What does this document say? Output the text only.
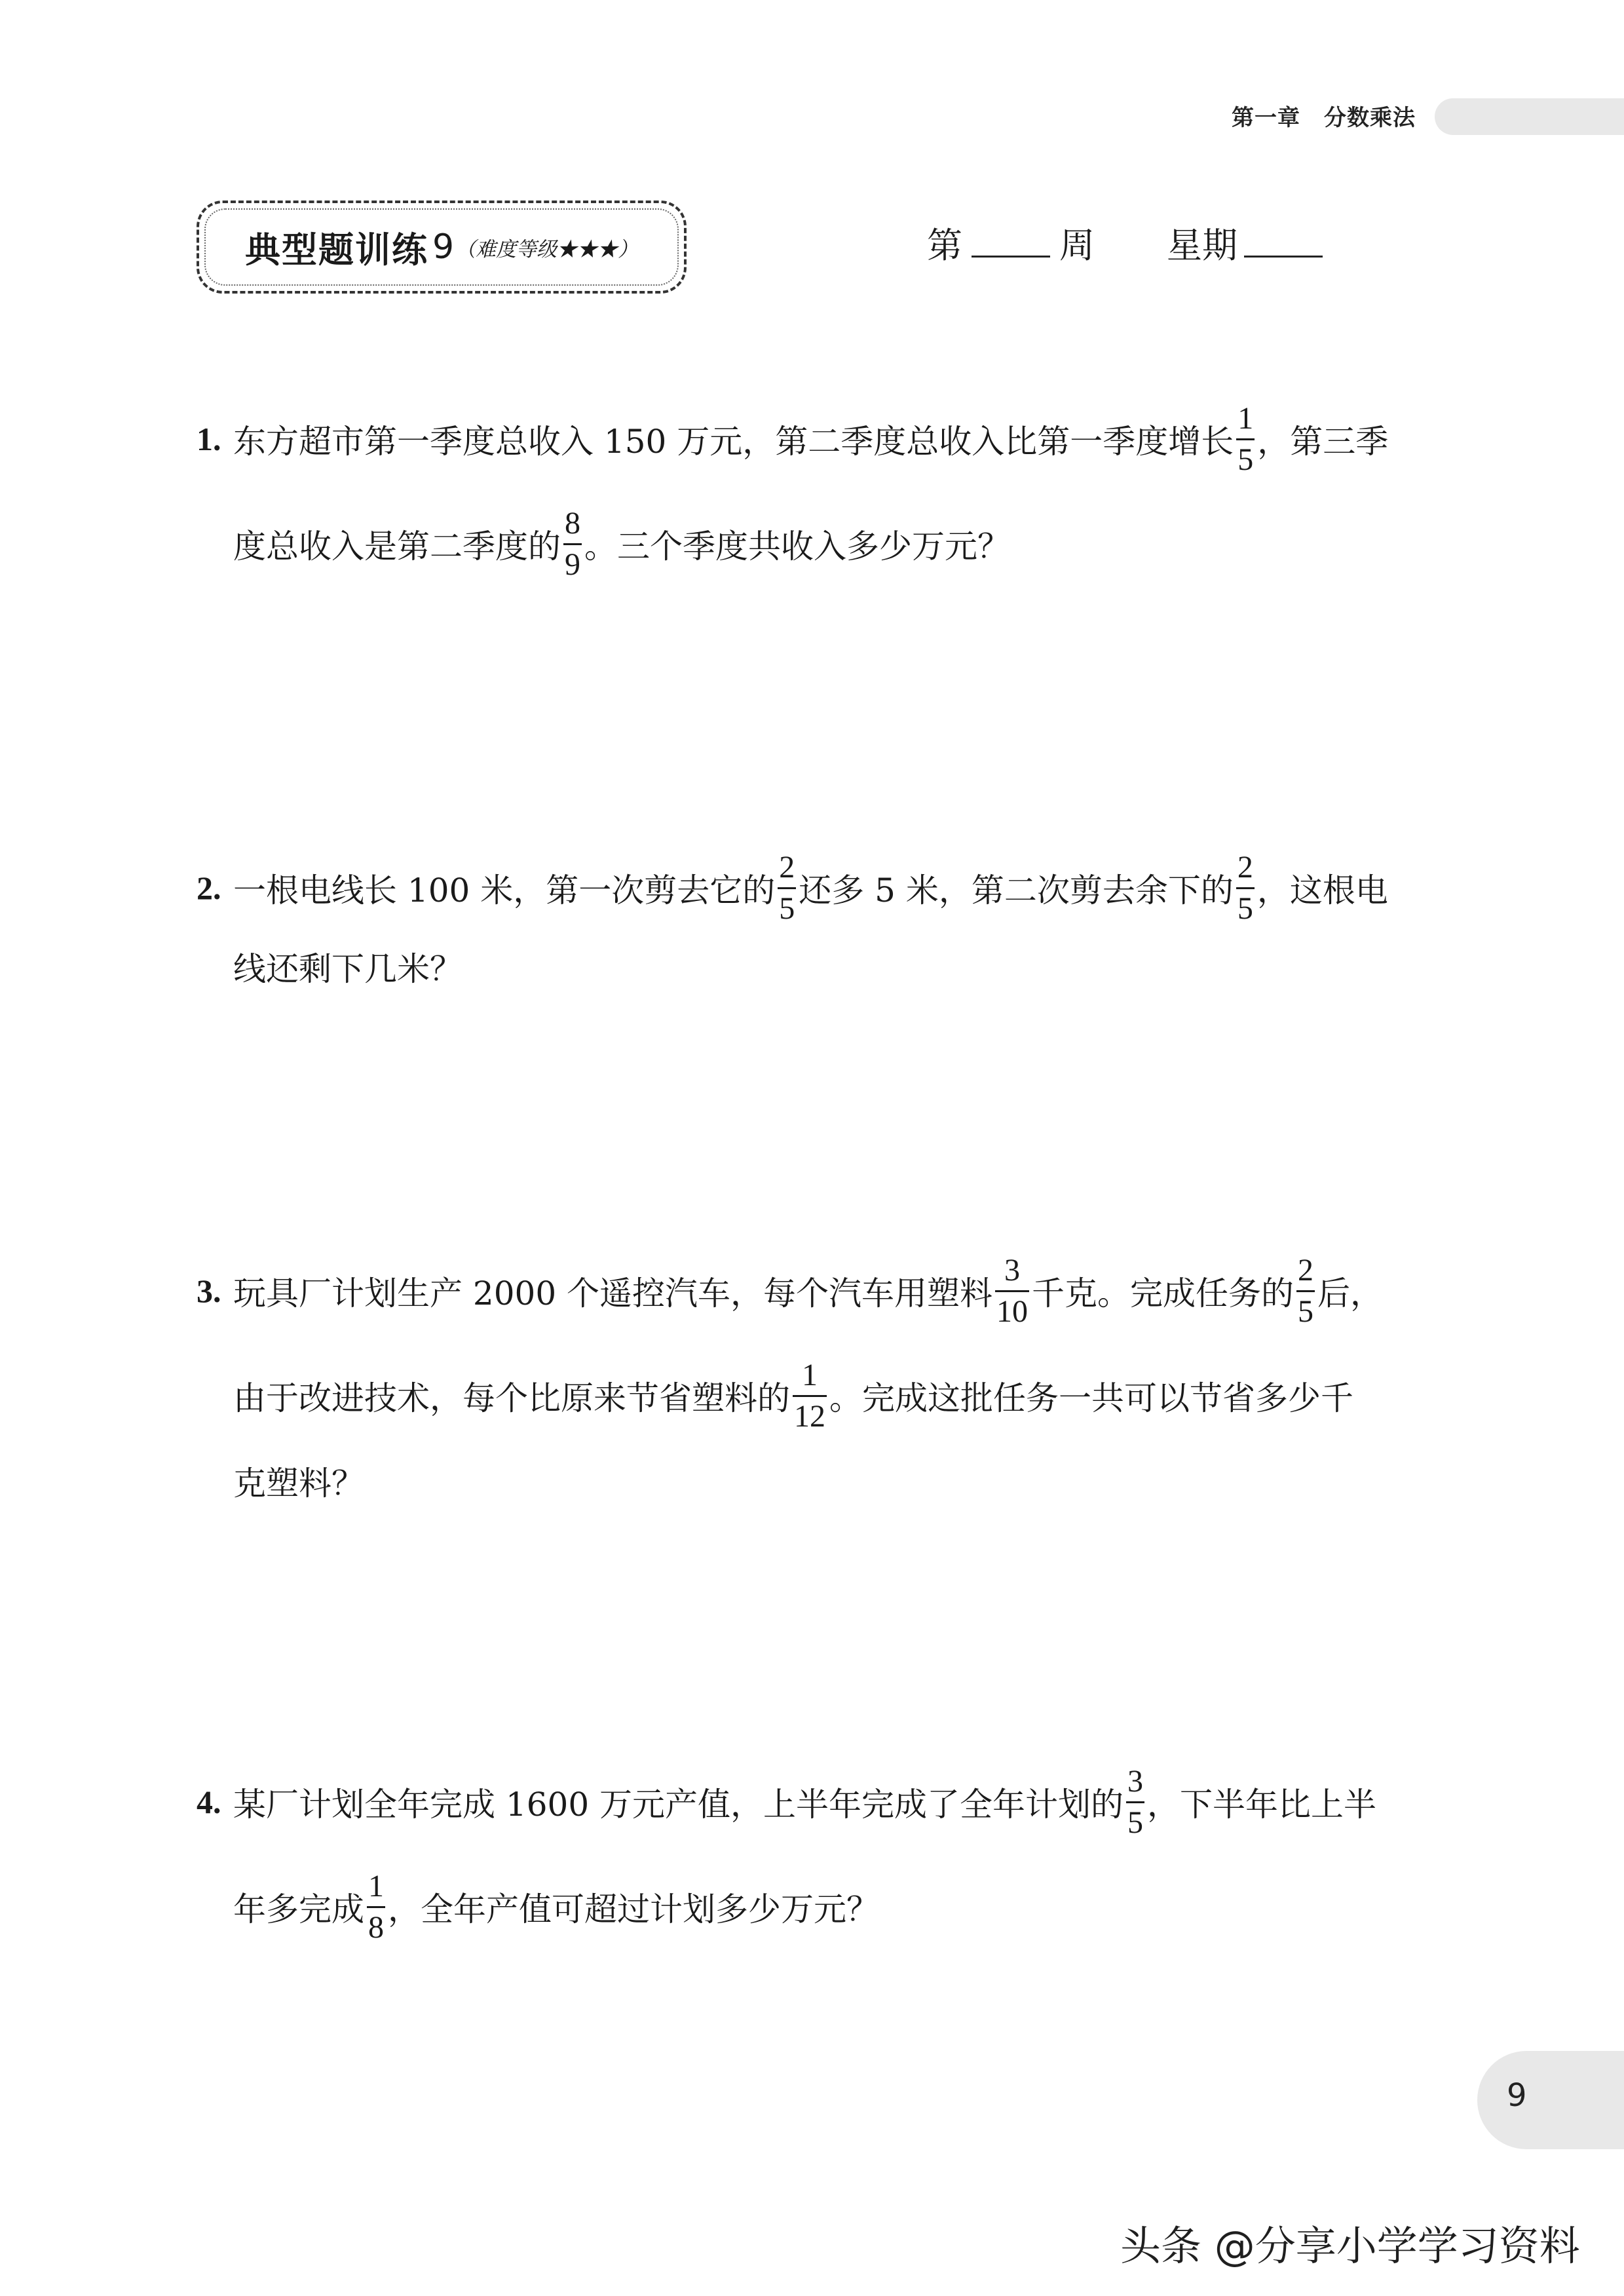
第一章 分数乘法
典型题训练 9 （难度等级★★★）	第	周 星期
1. 东方超市第一季度总收入 150 万元，第二季度总收入比第一季度增长 $\frac{1}{5}$ ，第三季
度总收入是第二季度的 $\frac{8}{9}$ 。三个季度共收入多少万元？
2. 一根电线长 100 米，第一次剪去它的 $\frac{2}{5}$ 还多 5 米，第二次剪去余下的 $\frac{2}{5}$ ，这根电
线还剩下几米？
3. 玩具厂计划生产 2000 个遥控汽车，每个汽车用塑料 $\frac{3}{10}$ 千克。完成任务的 $\frac{2}{5}$ 后，
由于改进技术，每个比原来节省塑料的 $\frac{1}{12}$ 。完成这批任务一共可以节省多少千
克塑料？
4. 某厂计划全年完成 1600 万元产值，上半年完成了全年计划的 $\frac{3}{5}$ ，下半年比上半
年多完成 $\frac{1}{8}$ ，全年产值可超过计划多少万元？
9
头条 @分享小学学习资料
